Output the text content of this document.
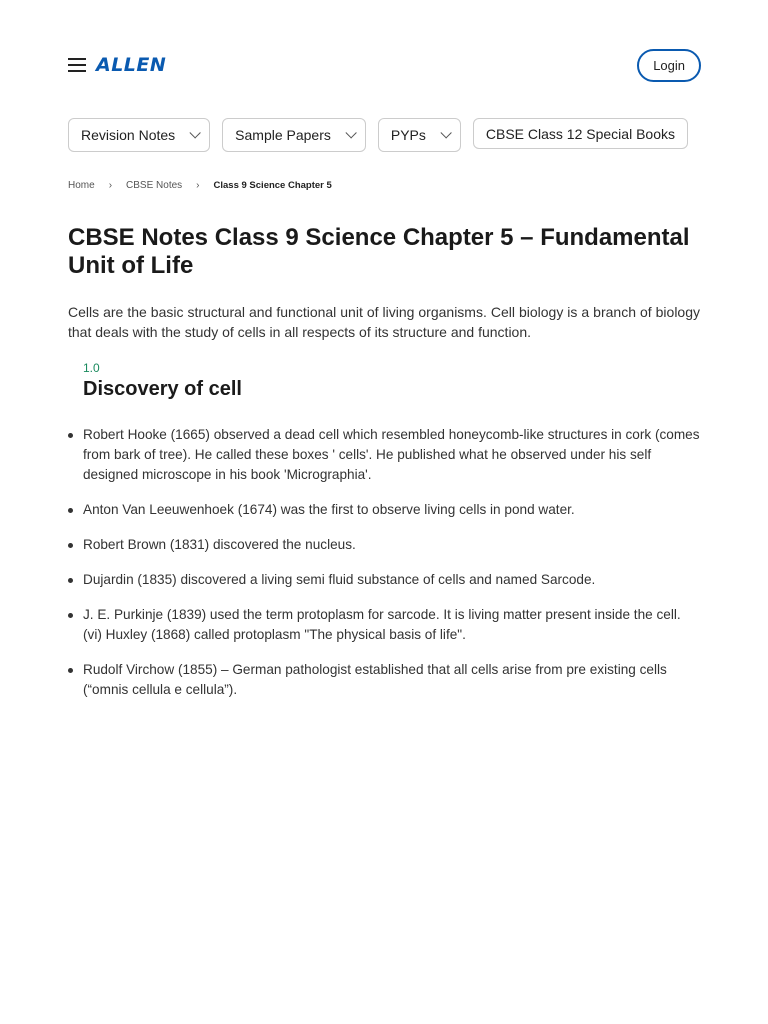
ALLEN	Login
Revision Notes	Sample Papers	PYPs	CBSE Class 12 Special Books
Home › CBSE Notes › Class 9 Science Chapter 5
CBSE Notes Class 9 Science Chapter 5 – Fundamental Unit of Life

Cells are the basic structural and functional unit of living organisms. Cell biology is a branch of biology that deals with the study of cells in all respects of its structure and function.

1.0
Discovery of cell
Robert Hooke (1665) observed a dead cell which resembled honeycomb-like structures in cork (comes from bark of tree). He called these boxes ' cells'. He published what he observed under his self designed microscope in his book 'Micrographia'.
Anton Van Leeuwenhoek (1674) was the first to observe living cells in pond water.
Robert Brown (1831) discovered the nucleus.
Dujardin (1835) discovered a living semi fluid substance of cells and named Sarcode.
J. E. Purkinje (1839) used the term protoplasm for sarcode. It is living matter present inside the cell. (vi) Huxley (1868) called protoplasm "The physical basis of life".
Rudolf Virchow (1855) – German pathologist established that all cells arise from pre existing cells (“omnis cellula e cellula”).
